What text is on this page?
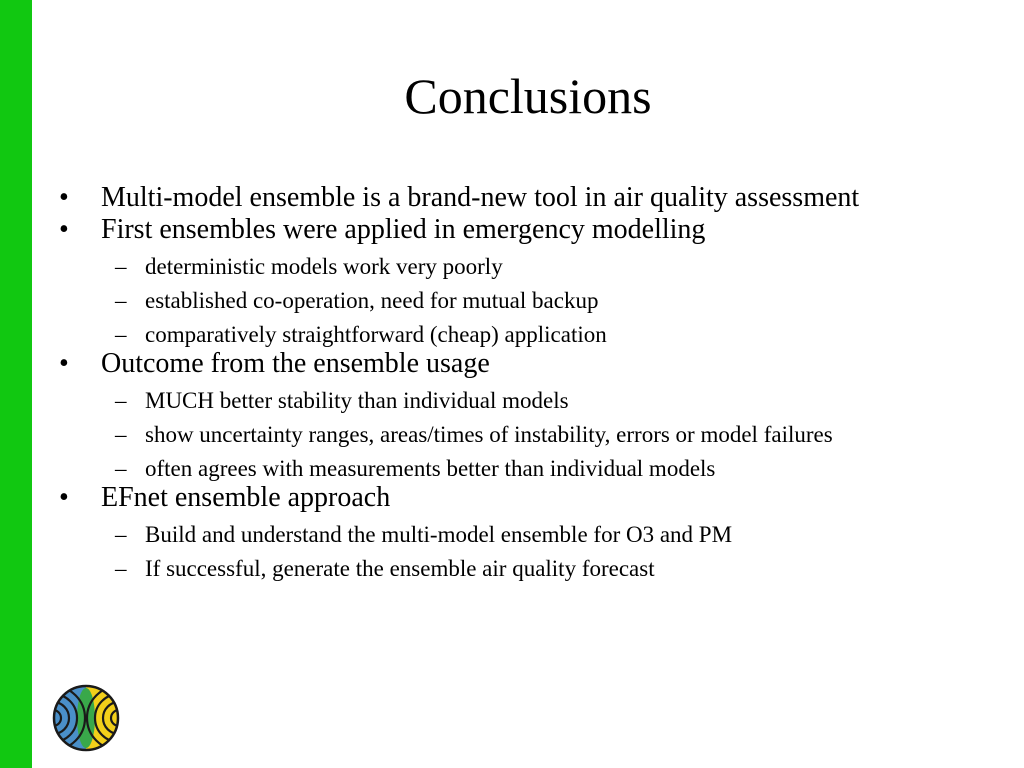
Conclusions
•	Multi-model ensemble is a brand-new tool in air quality assessment
•	First ensembles were applied in emergency modelling
– deterministic models work very poorly
– established co-operation, need for mutual backup
– comparatively straightforward (cheap) application
•	Outcome from the ensemble usage
– MUCH better stability than individual models
– show uncertainty ranges, areas/times of instability, errors or model failures
– often agrees with measurements better than individual models
•	EFnet ensemble approach
– Build and understand the multi-model ensemble for O3 and PM
– If successful, generate the ensemble air quality forecast
